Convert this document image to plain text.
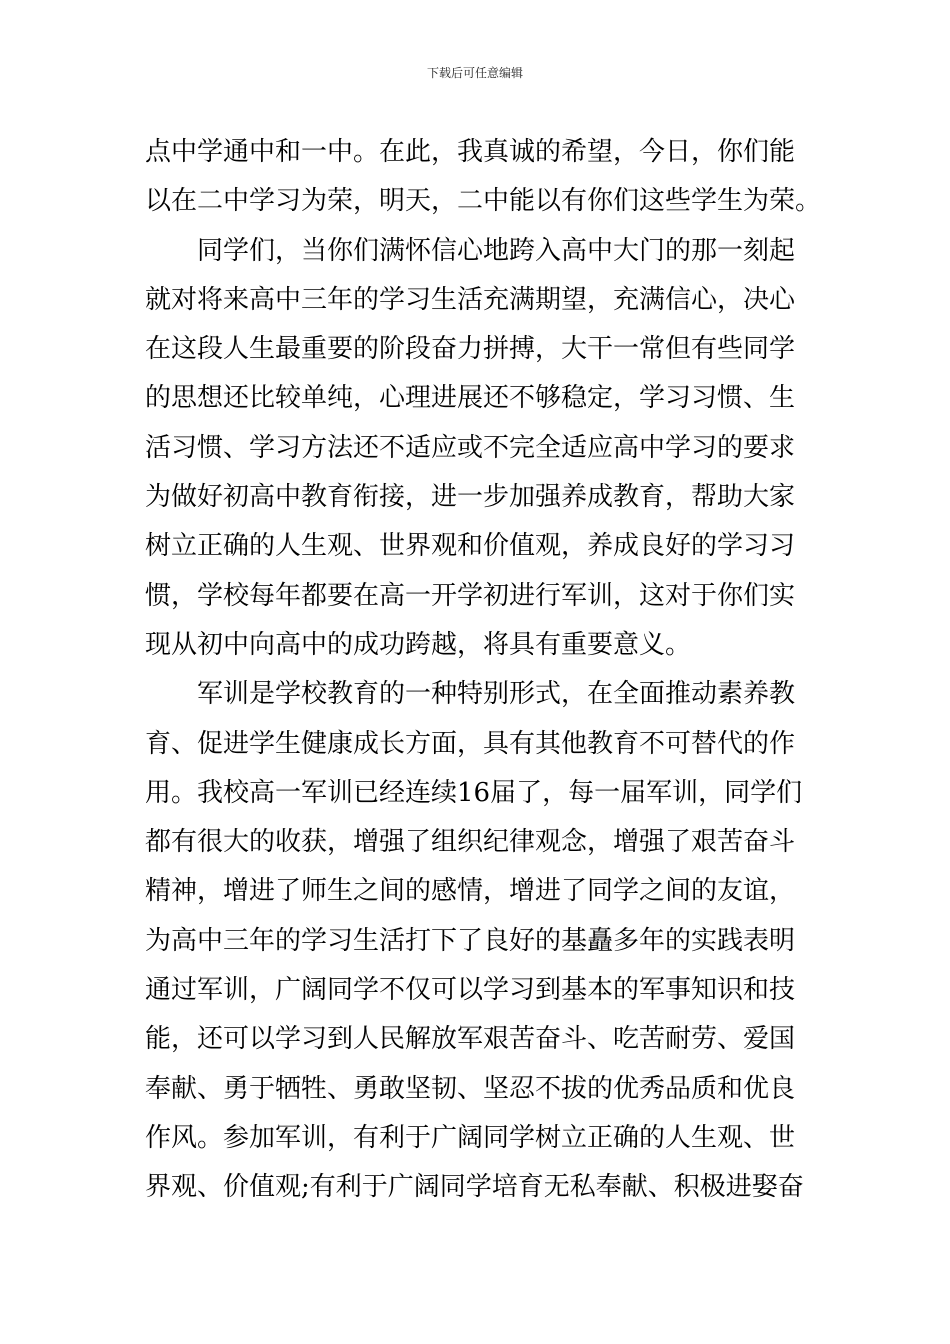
下载后可任意编辑
点中学通中和一中。在此，我真诚的希望，今日，你们能
以在二中学习为荣，明天，二中能以有你们这些学生为荣。
同学们，当你们满怀信心地跨入高中大门的那一刻起
就对将来高中三年的学习生活充满期望，充满信心，决心
在这段人生最重要的阶段奋力拼搏，大干一常但有些同学
的思想还比较单纯，心理进展还不够稳定，学习习惯、生
活习惯、学习方法还不适应或不完全适应高中学习的要求
为做好初高中教育衔接，进一步加强养成教育，帮助大家
树立正确的人生观、世界观和价值观，养成良好的学习习
惯，学校每年都要在高一开学初进行军训，这对于你们实
现从初中向高中的成功跨越，将具有重要意义。
军训是学校教育的一种特别形式，在全面推动素养教
育、促进学生健康成长方面，具有其他教育不可替代的作
用。我校高一军训已经连续16届了，每一届军训，同学们
都有很大的收获，增强了组织纪律观念，增强了艰苦奋斗
精神，增进了师生之间的感情，增进了同学之间的友谊，
为高中三年的学习生活打下了良好的基矗多年的实践表明
通过军训，广阔同学不仅可以学习到基本的军事知识和技
能，还可以学习到人民解放军艰苦奋斗、吃苦耐劳、爱国
奉献、勇于牺牲、勇敢坚韧、坚忍不拔的优秀品质和优良
作风。参加军训，有利于广阔同学树立正确的人生观、世
界观、价值观;有利于广阔同学培育无私奉献、积极进娶奋
